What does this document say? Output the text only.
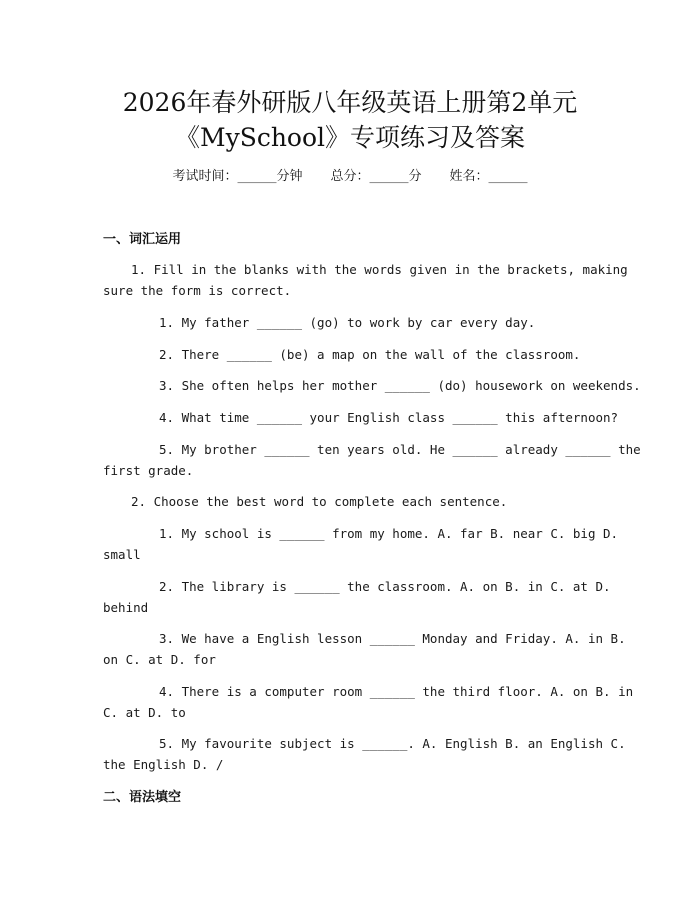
2026年春外研版八年级英语上册第2单元
《MySchool》专项练习及答案
考试时间：______分钟 总分：______分 姓名：______
一、词汇运用
1. Fill in the blanks with the words given in the brackets, making
sure the form is correct.
1. My father ______ (go) to work by car every day.
2. There ______ (be) a map on the wall of the classroom.
3. She often helps her mother ______ (do) housework on weekends.
4. What time ______ your English class ______ this afternoon?
5. My brother ______ ten years old. He ______ already ______ the
first grade.
2. Choose the best word to complete each sentence.
1. My school is ______ from my home. A. far B. near C. big D.
small
2. The library is ______ the classroom. A. on B. in C. at D.
behind
3. We have a English lesson ______ Monday and Friday. A. in B.
on C. at D. for
4. There is a computer room ______ the third floor. A. on B. in
C. at D. to
5. My favourite subject is ______. A. English B. an English C.
the English D. /
二、语法填空
